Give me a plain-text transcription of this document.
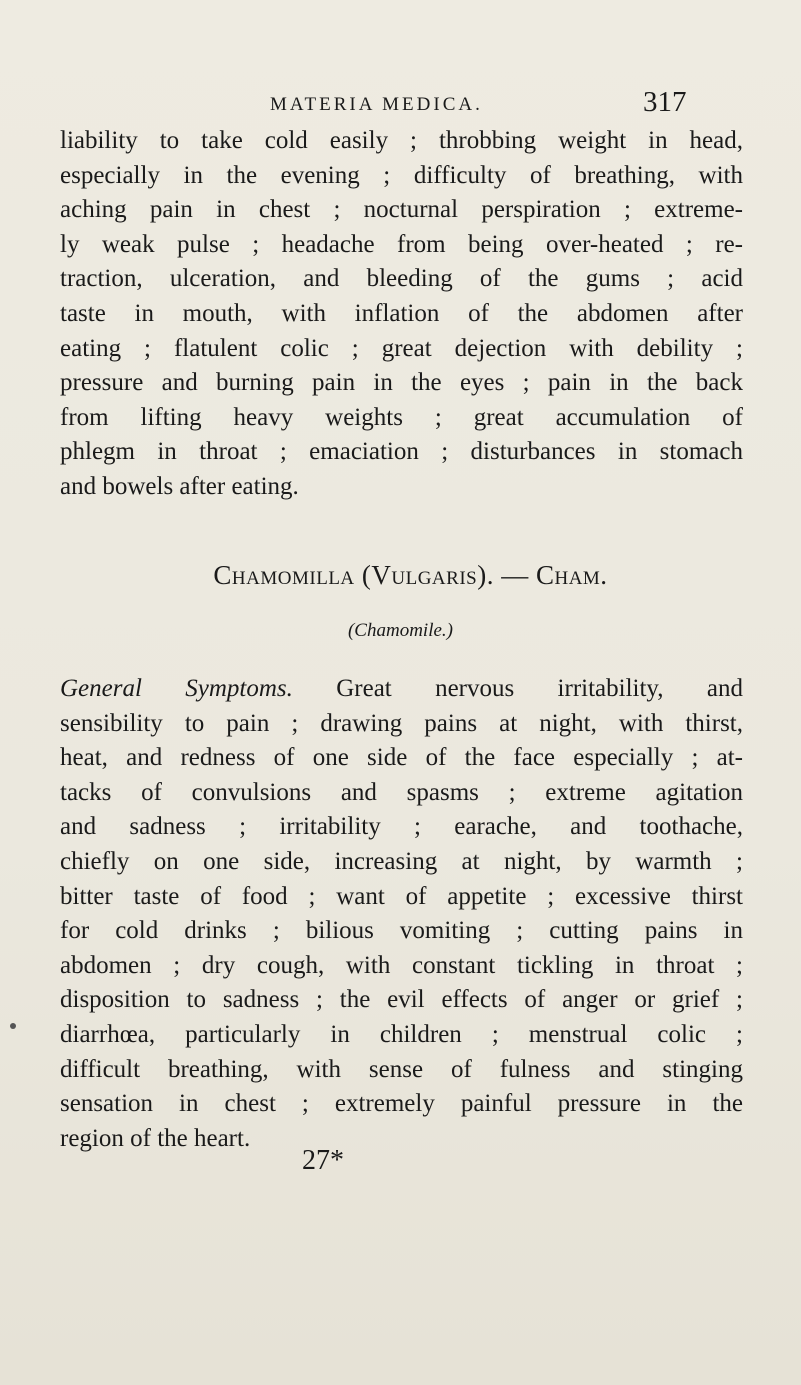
MATERIA MEDICA.	317
liability to take cold easily ; throbbing weight in head,
especially in the evening ; difficulty of breathing, with
aching pain in chest ; nocturnal perspiration ; extreme-
ly weak pulse ; headache from being over-heated ; re-
traction, ulceration, and bleeding of the gums ; acid
taste in mouth, with inflation of the abdomen after
eating ; flatulent colic ; great dejection with debility ;
pressure and burning pain in the eyes ; pain in the back
from lifting heavy weights ; great accumulation of
phlegm in throat ; emaciation ; disturbances in stomach
and bowels after eating.
Chamomilla (Vulgaris). — Cham.
(Chamomile.)
General Symptoms. Great nervous irritability, and
sensibility to pain ; drawing pains at night, with thirst,
heat, and redness of one side of the face especially ; at-
tacks of convulsions and spasms ; extreme agitation
and sadness ; irritability ; earache, and toothache,
chiefly on one side, increasing at night, by warmth ;
bitter taste of food ; want of appetite ; excessive thirst
for cold drinks ; bilious vomiting ; cutting pains in
abdomen ; dry cough, with constant tickling in throat ;
disposition to sadness ; the evil effects of anger or grief ;
diarrhœa, particularly in children ; menstrual colic ;
difficult breathing, with sense of fulness and stinging
sensation in chest ; extremely painful pressure in the
region of the heart.
27*
